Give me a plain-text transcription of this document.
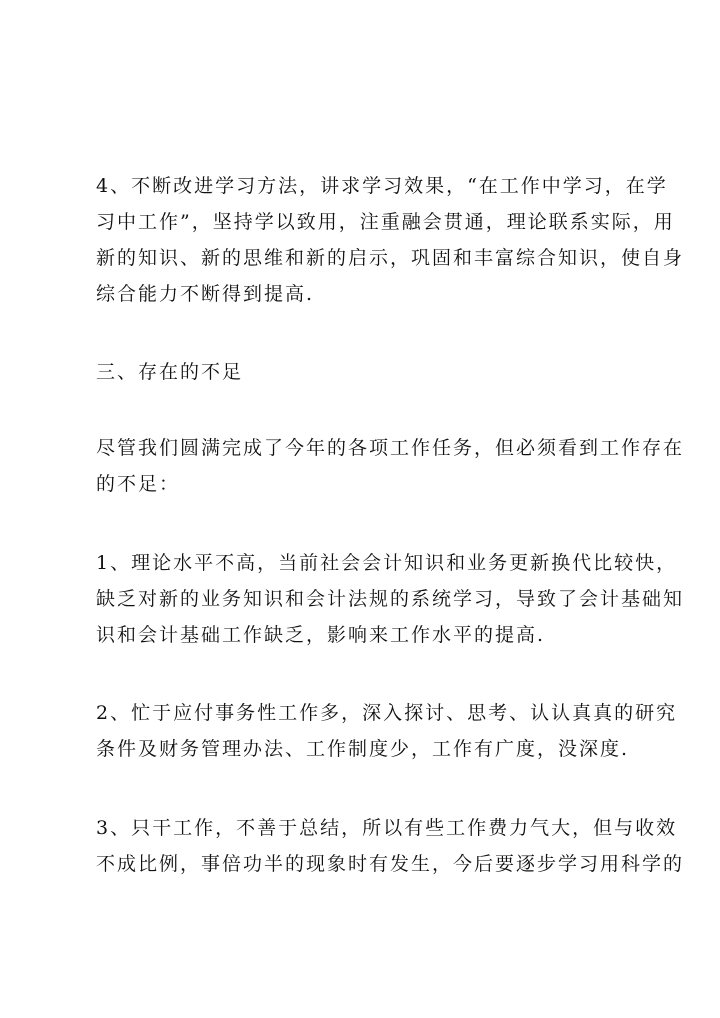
4、不断改进学习方法，讲求学习效果，“在工作中学习，在学
习中工作”，坚持学以致用，注重融会贯通，理论联系实际，用
新的知识、新的思维和新的启示，巩固和丰富综合知识，使自身
综合能力不断得到提高.
三、存在的不足
尽管我们圆满完成了今年的各项工作任务，但必须看到工作存在
的不足：
1、理论水平不高，当前社会会计知识和业务更新换代比较快，
缺乏对新的业务知识和会计法规的系统学习，导致了会计基础知
识和会计基础工作缺乏，影响来工作水平的提高.
2、忙于应付事务性工作多，深入探讨、思考、认认真真的研究
条件及财务管理办法、工作制度少，工作有广度，没深度.
3、只干工作，不善于总结，所以有些工作费力气大，但与收效
不成比例，事倍功半的现象时有发生，今后要逐步学习用科学的
